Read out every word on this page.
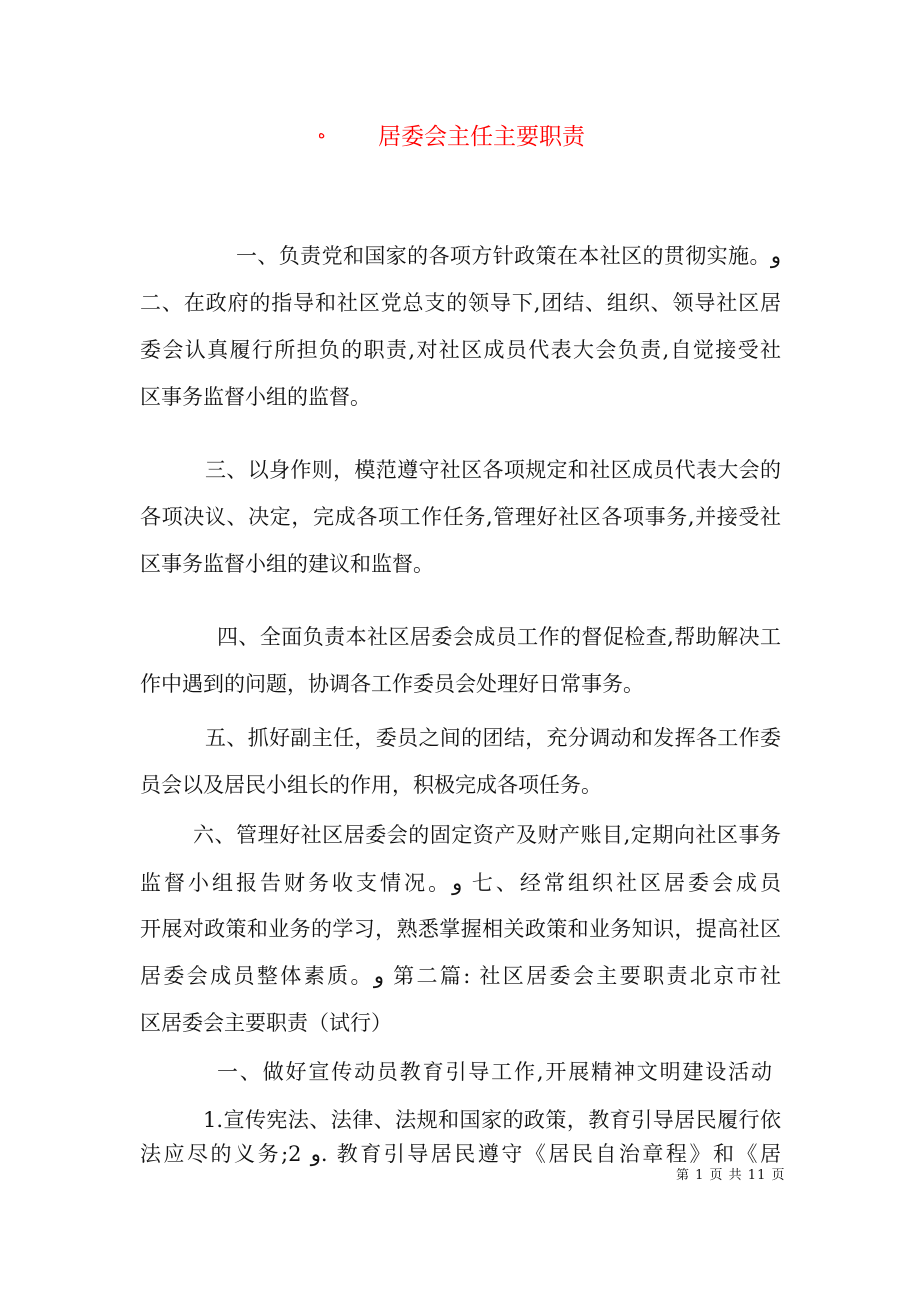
ه 居委会主任主要职责
一、负责党和国家的各项方针政策在本社区的贯彻实施。و
二、在政府的指导和社区党总支的领导下,团结、组织、领导社区居
委会认真履行所担负的职责,对社区成员代表大会负责,自觉接受社
区事务监督小组的监督。
三、以身作则，模范遵守社区各项规定和社区成员代表大会的
各项决议、决定，完成各项工作任务,管理好社区各项事务,并接受社
区事务监督小组的建议和监督。
四、全面负责本社区居委会成员工作的督促检查,帮助解决工
作中遇到的问题，协调各工作委员会处理好日常事务。
五、抓好副主任，委员之间的团结，充分调动和发挥各工作委
员会以及居民小组长的作用，积极完成各项任务。
六、管理好社区居委会的固定资产及财产账目,定期向社区事务
监督小组报告财务收支情况。و 七、经常组织社区居委会成员
开展对政策和业务的学习，熟悉掌握相关政策和业务知识，提高社区
居委会成员整体素质。و 第二篇: 社区居委会主要职责北京市社
区居委会主要职责（试行）
一、做好宣传动员教育引导工作,开展精神文明建设活动
1.宣传宪法、法律、法规和国家的政策，教育引导居民履行依
法应尽的义务;2 و. 教育引导居民遵守《居民自治章程》和《居
第 1 页 共 11 页
